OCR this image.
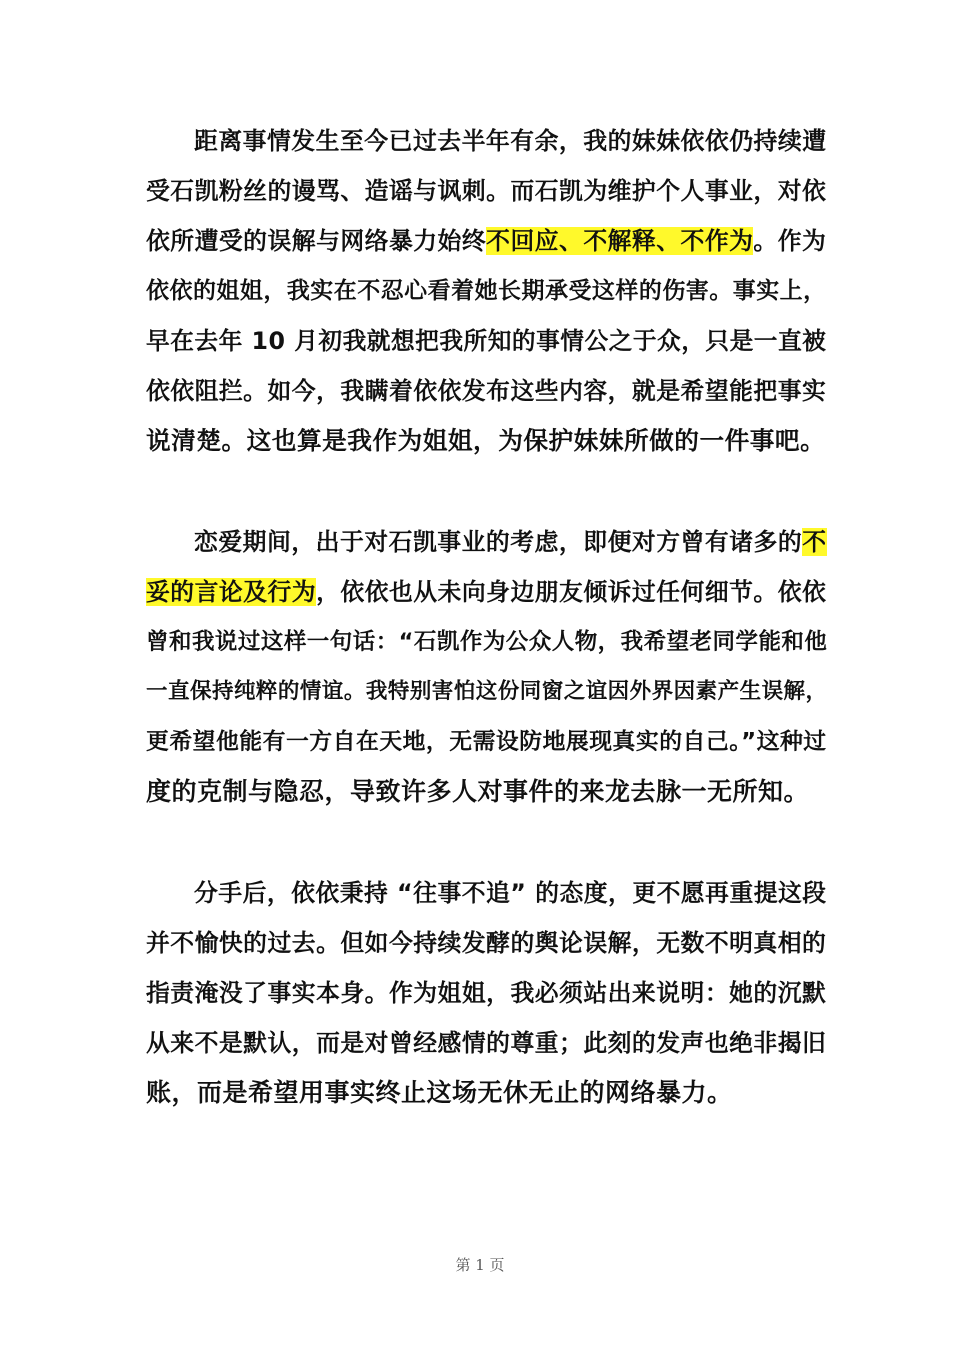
距离事情发生至今已过去半年有余，我的妹妹依依仍持续遭
受石凯粉丝的谩骂、造谣与讽刺。而石凯为维护个人事业，对依
依所遭受的误解与网络暴力始终不回应、不解释、不作为。作为
依依的姐姐，我实在不忍心看着她长期承受这样的伤害。事实上，
早在去年 10 月初我就想把我所知的事情公之于众，只是一直被
依依阻拦。如今，我瞒着依依发布这些内容，就是希望能把事实
说清楚。这也算是我作为姐姐，为保护妹妹所做的一件事吧。
恋爱期间，出于对石凯事业的考虑，即便对方曾有诸多的不
妥的言论及行为，依依也从未向身边朋友倾诉过任何细节。依依
曾和我说过这样一句话：“石凯作为公众人物，我希望老同学能和他
一直保持纯粹的情谊。我特别害怕这份同窗之谊因外界因素产生误解，
更希望他能有一方自在天地，无需设防地展现真实的自己。”这种过
度的克制与隐忍，导致许多人对事件的来龙去脉一无所知。
分手后，依依秉持 “往事不追” 的态度，更不愿再重提这段
并不愉快的过去。但如今持续发酵的舆论误解，无数不明真相的
指责淹没了事实本身。作为姐姐，我必须站出来说明：她的沉默
从来不是默认，而是对曾经感情的尊重；此刻的发声也绝非揭旧
账，而是希望用事实终止这场无休无止的网络暴力。
第 1 页
